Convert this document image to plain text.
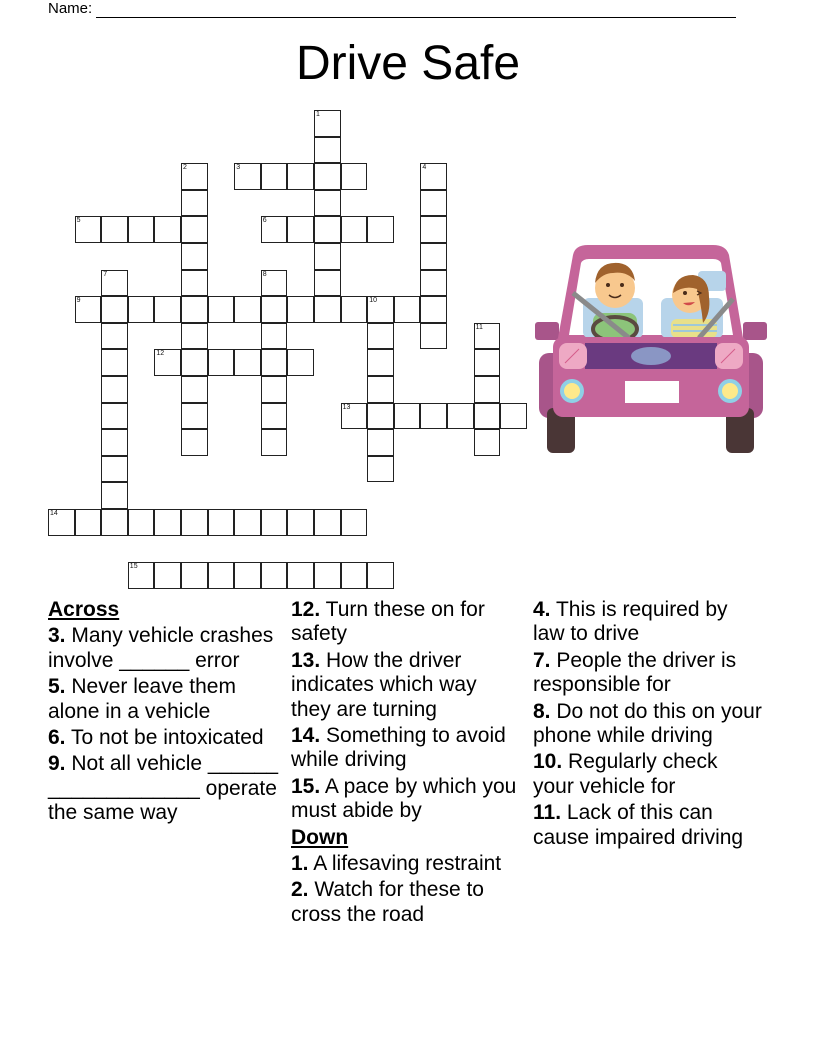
Name:
Drive Safe
1
2	3	4
5	6
7	8
9	10
11
12
13
14
15
Across
3. Many vehicle crashes involve ______ error
5. Never leave them alone in a vehicle
6. To not be intoxicated
9. Not all vehicle ______ _____________ operate the same way
12. Turn these on for safety
13. How the driver indicates which way they are turning
14. Something to avoid while driving
15. A pace by which you must abide by
Down
1. A lifesaving restraint
2. Watch for these to cross the road
4. This is required by law to drive
7. People the driver is responsible for
8. Do not do this on your phone while driving
10. Regularly check your vehicle for
11. Lack of this can cause impaired driving
